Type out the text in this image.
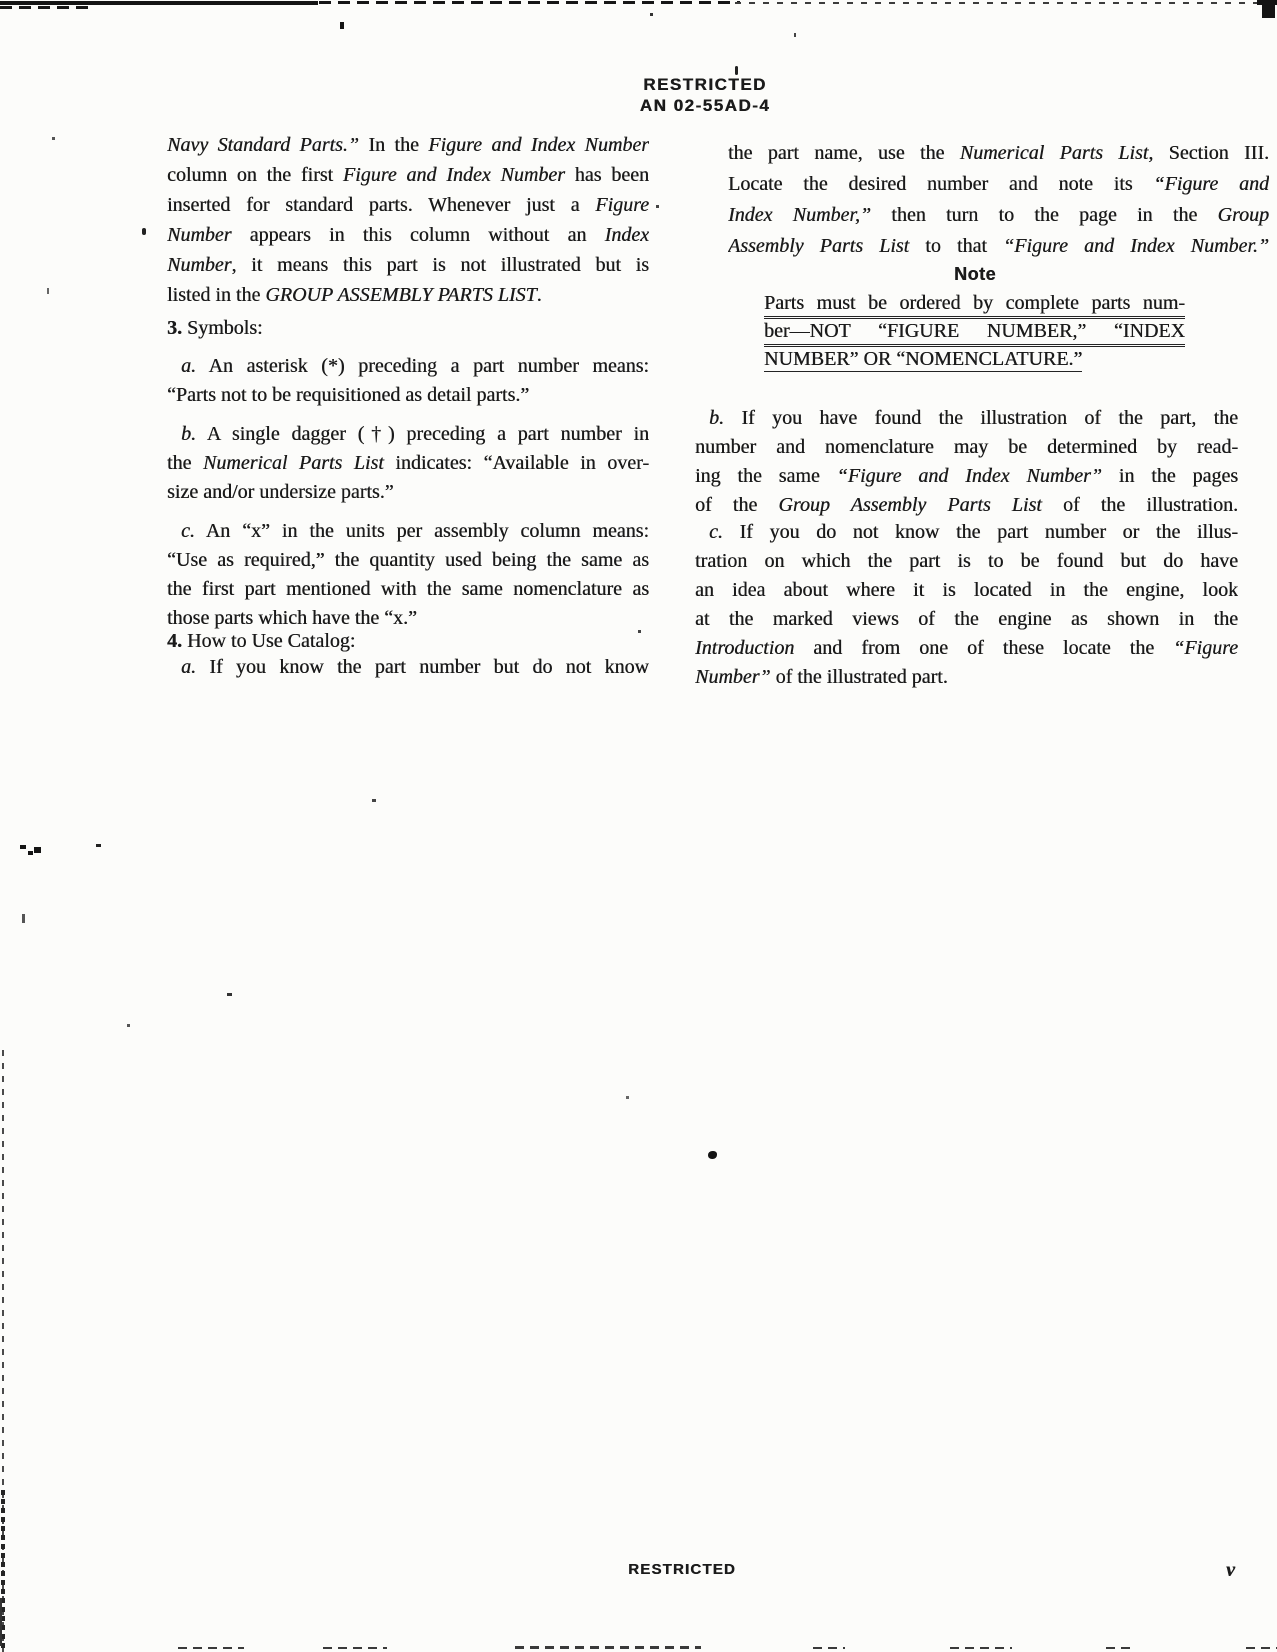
RESTRICTED
AN 02-55AD-4
Navy Standard Parts.” In the Figure and Index Number
column on the first Figure and Index Number has been
inserted for standard parts. Whenever just a Figure
Number appears in this column without an Index
Number, it means this part is not illustrated but is
listed in the GROUP ASSEMBLY PARTS LIST.
3. Symbols:
a. An asterisk (*) preceding a part number means:
“Parts not to be requisitioned as detail parts.”
b. A single dagger (†) preceding a part number in
the Numerical Parts List indicates: “Available in over-
size and/or undersize parts.”
c. An “x” in the units per assembly column means:
“Use as required,” the quantity used being the same as
the first part mentioned with the same nomenclature as
those parts which have the “x.”
4. How to Use Catalog:
a. If you know the part number but do not know
the part name, use the Numerical Parts List, Section III.
Locate the desired number and note its “Figure and
Index Number,” then turn to the page in the Group
Assembly Parts List to that “Figure and Index Number.”
Note
Parts must be ordered by complete parts num-
ber—NOT “FIGURE NUMBER,” “INDEX
NUMBER” OR “NOMENCLATURE.”
b. If you have found the illustration of the part, the
number and nomenclature may be determined by read-
ing the same “Figure and Index Number” in the pages
of the Group Assembly Parts List of the illustration.
c. If you do not know the part number or the illus-
tration on which the part is to be found but do have
an idea about where it is located in the engine, look
at the marked views of the engine as shown in the
Introduction and from one of these locate the “Figure
Number” of the illustrated part.
RESTRICTED	v
